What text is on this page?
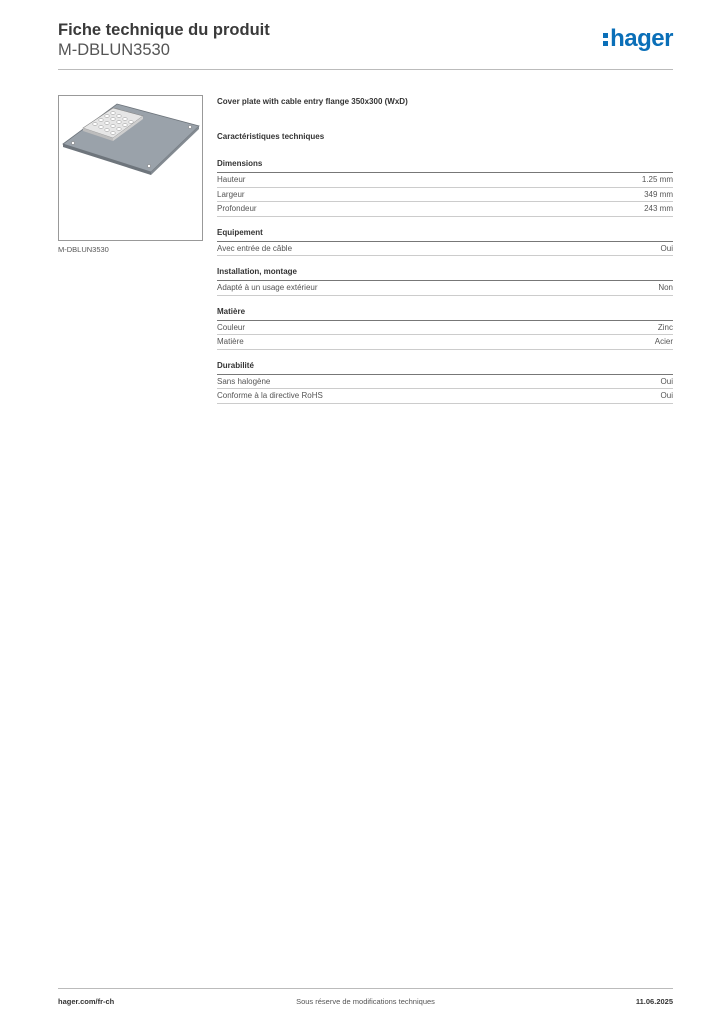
Fiche technique du produit
M-DBLUN3530	hager
M-DBLUN3530
Cover plate with cable entry flange 350x300 (WxD)
Caractéristiques techniques
Dimensions
Hauteur	1.25 mm
Largeur	349 mm
Profondeur	243 mm
Equipement
Avec entrée de câble	Oui
Installation, montage
Adapté à un usage extérieur	Non
Matière
Couleur	Zinc
Matière	Acier
Durabilité
Sans halogène	Oui
Conforme à la directive RoHS	Oui
hager.com/fr-ch	Sous réserve de modifications techniques	11.06.2025
